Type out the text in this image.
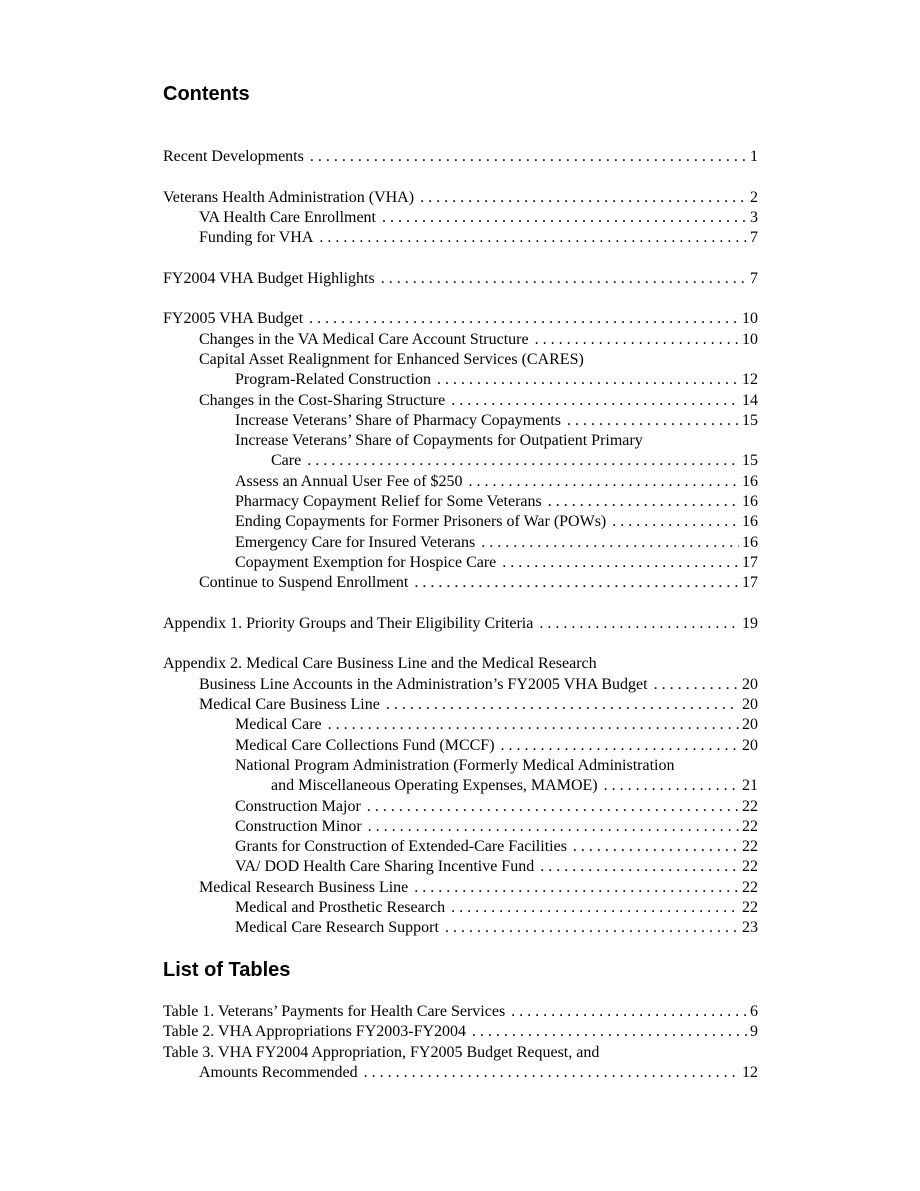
Contents
Recent Developments . . .	1
Veterans Health Administration (VHA) . . .	2
VA Health Care Enrollment . . .	3
Funding for VHA . . .	7
FY2004 VHA Budget Highlights . . .	7
FY2005 VHA Budget . . .	10
Changes in the VA Medical Care Account Structure . . .	10
Capital Asset Realignment for Enhanced Services (CARES)
Program-Related Construction . . .	12
Changes in the Cost-Sharing Structure . . .	14
Increase Veterans’ Share of Pharmacy Copayments . . .	15
Increase Veterans’ Share of Copayments for Outpatient Primary
Care . . .	15
Assess an Annual User Fee of $250 . . .	16
Pharmacy Copayment Relief for Some Veterans . . .	16
Ending Copayments for Former Prisoners of War (POWs) . . .	16
Emergency Care for Insured Veterans . . .	16
Copayment Exemption for Hospice Care . . .	17
Continue to Suspend Enrollment . . .	17
Appendix 1. Priority Groups and Their Eligibility Criteria . . .	19
Appendix 2. Medical Care Business Line and the Medical Research
Business Line Accounts in the Administration’s FY2005 VHA Budget . . .	20
Medical Care Business Line . . .	20
Medical Care . . .	20
Medical Care Collections Fund (MCCF) . . .	20
National Program Administration (Formerly Medical Administration
and Miscellaneous Operating Expenses, MAMOE) . . .	21
Construction Major . . .	22
Construction Minor . . .	22
Grants for Construction of Extended-Care Facilities . . .	22
VA/ DOD Health Care Sharing Incentive Fund . . .	22
Medical Research Business Line . . .	22
Medical and Prosthetic Research . . .	22
Medical Care Research Support . . .	23
List of Tables
Table 1. Veterans’ Payments for Health Care Services . . .	6
Table 2. VHA Appropriations FY2003-FY2004 . . .	9
Table 3. VHA FY2004 Appropriation, FY2005 Budget Request, and
Amounts Recommended . . .	12
